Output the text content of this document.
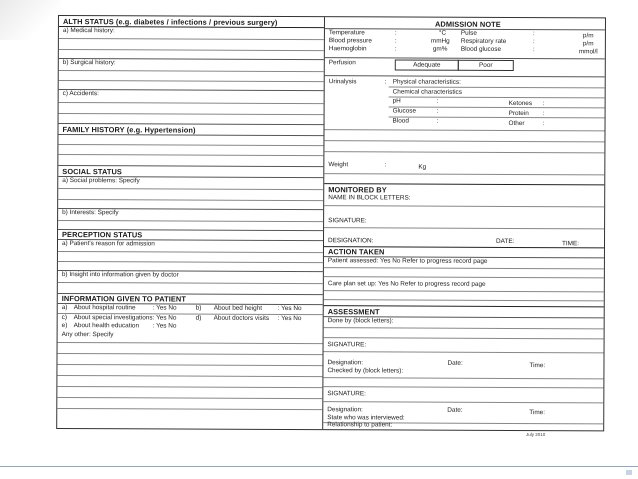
ALTH STATUS (e.g. diabetes / infections / previous surgery)
a) Medical history:
b) Surgical history:
c) Accidents:
FAMILY HISTORY (e.g. Hypertension)
SOCIAL STATUS
a) Social problems: Specify
b) Interests: Specify
PERCEPTION STATUS
a) Patient's reason for admission
b) Insight into information given by doctor
INFORMATION GIVEN TO PATIENT
a) About hospital routine	: Yes No	b) About bed height : Yes No
c) About special investigations : Yes No	d) About doctors visits : Yes No
e) About health education : Yes No
Any other: Specify
ADMISSION NOTE
Temperature	:	°C Pulse	:	p/m
Blood pressure	:	mmHg Respiratory rate	:	p/m
Haemoglobin	:	gm% Blood glucose	:	mmol/l
Perfusion	Adequate	Poor
Urinalysis	: Physical characteristics:
Chemical characteristics
pH	:	Ketones :
Glucose	:	Protein :
Blood	:	Other	:
Weight	:	Kg
MONITORED BY
NAME IN BLOCK LETTERS:
SIGNATURE:
DESIGNATION:	DATE:	TIME:
ACTION TAKEN
Patient assessed: Yes No Refer to progress record page
Care plan set up: Yes No Refer to progress record page
ASSESSMENT
Done by (block letters):
SIGNATURE:
Designation:	Date:	Time:
Checked by (block letters):
SIGNATURE:
Designation:	Date:	Time:
State who was interviewed:
Relationship to patient:
July 2010
